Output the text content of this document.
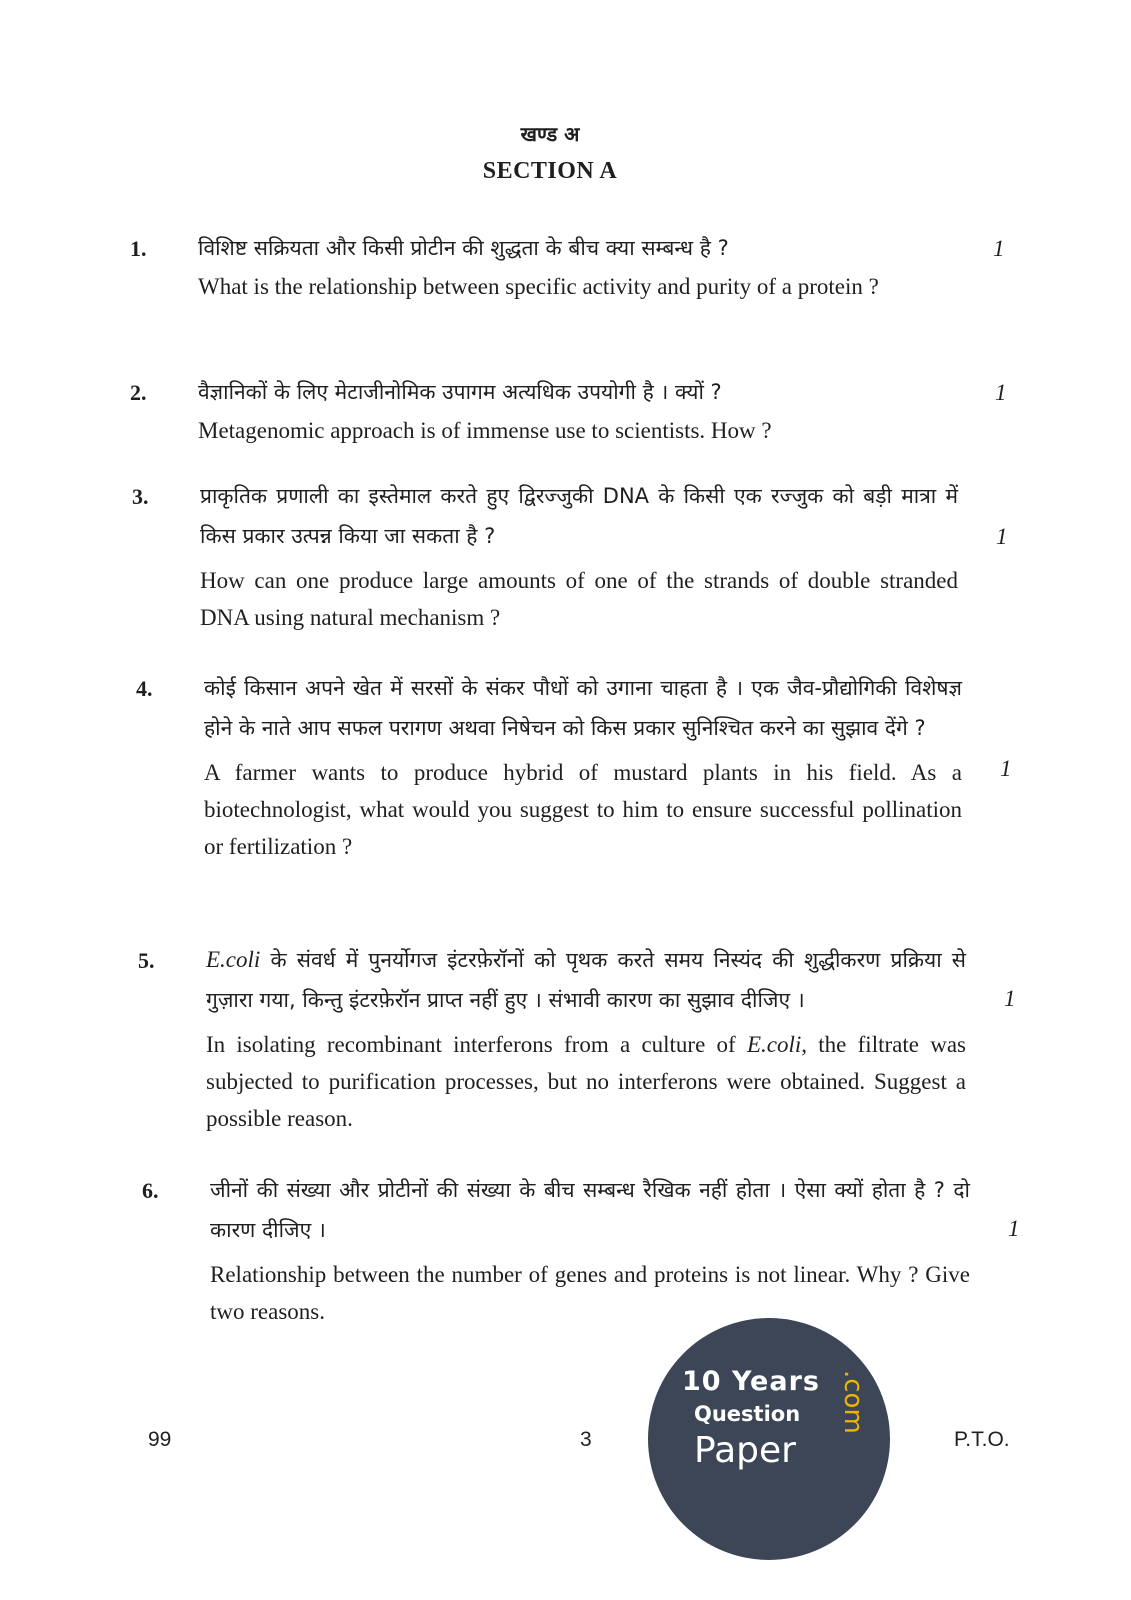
खण्ड अ
SECTION A
1. विशिष्ट सक्रियता और किसी प्रोटीन की शुद्धता के बीच क्या सम्बन्ध है ?

What is the relationship between specific activity and purity of a protein ?

1
2. वैज्ञानिकों के लिए मेटाजीनोमिक उपागम अत्यधिक उपयोगी है । क्यों ?

Metagenomic approach is of immense use to scientists. How ?

1
3. प्राकृतिक प्रणाली का इस्तेमाल करते हुए द्विरज्जुकी DNA के किसी एक रज्जुक को बड़ी मात्रा में किस प्रकार उत्पन्न किया जा सकता है ?

How can one produce large amounts of one of the strands of double stranded DNA using natural mechanism ?

1
4. कोई किसान अपने खेत में सरसों के संकर पौधों को उगाना चाहता है । एक जैव-प्रौद्योगिकी विशेषज्ञ होने के नाते आप सफल परागण अथवा निषेचन को किस प्रकार सुनिश्चित करने का सुझाव देंगे ?

A farmer wants to produce hybrid of mustard plants in his field. As a biotechnologist, what would you suggest to him to ensure successful pollination or fertilization ?

1
5. E.coli के संवर्ध में पुनर्योगज इंटरफ़ेरॉनों को पृथक करते समय निस्यंद की शुद्धीकरण प्रक्रिया से गुज़ारा गया, किन्तु इंटरफ़ेरॉन प्राप्त नहीं हुए । संभावी कारण का सुझाव दीजिए ।

In isolating recombinant interferons from a culture of E.coli, the filtrate was subjected to purification processes, but no interferons were obtained. Suggest a possible reason.

1
6. जीनों की संख्या और प्रोटीनों की संख्या के बीच सम्बन्ध रैखिक नहीं होता । ऐसा क्यों होता है ? दो कारण दीजिए ।

Relationship between the number of genes and proteins is not linear. Why ? Give two reasons.

1
99	3	P.T.O.
10 Years
Question
Paper
.com
